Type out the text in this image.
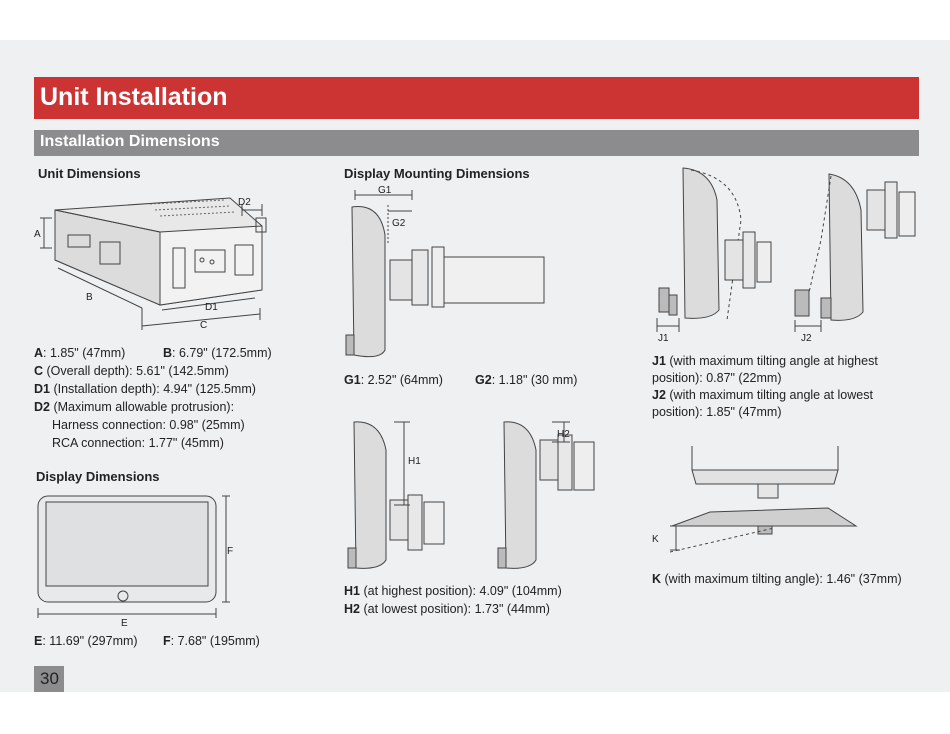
Unit Installation
Installation Dimensions
Unit Dimensions	Display Mounting Dimensions
Display Dimensions
A
B
C
D1
D2
A: 1.85" (47mm)	B: 6.79" (172.5mm)
C (Overall depth): 5.61" (142.5mm)
D1 (Installation depth): 4.94" (125.5mm)
D2 (Maximum allowable protrusion):
Harness connection: 0.98" (25mm)
RCA connection: 1.77" (45mm)
F
E
E: 11.69" (297mm) F: 7.68" (195mm)
G1
G2
G1: 2.52" (64mm)	G2: 1.18" (30 mm)
H1
H2
H1 (at highest position): 4.09" (104mm)
H2 (at lowest position): 1.73" (44mm)
J1	J2
J1 (with maximum tilting angle at highest
position): 0.87" (22mm)
J2 (with maximum tilting angle at lowest
position): 1.85" (47mm)
K
K (with maximum tilting angle): 1.46" (37mm)
30
